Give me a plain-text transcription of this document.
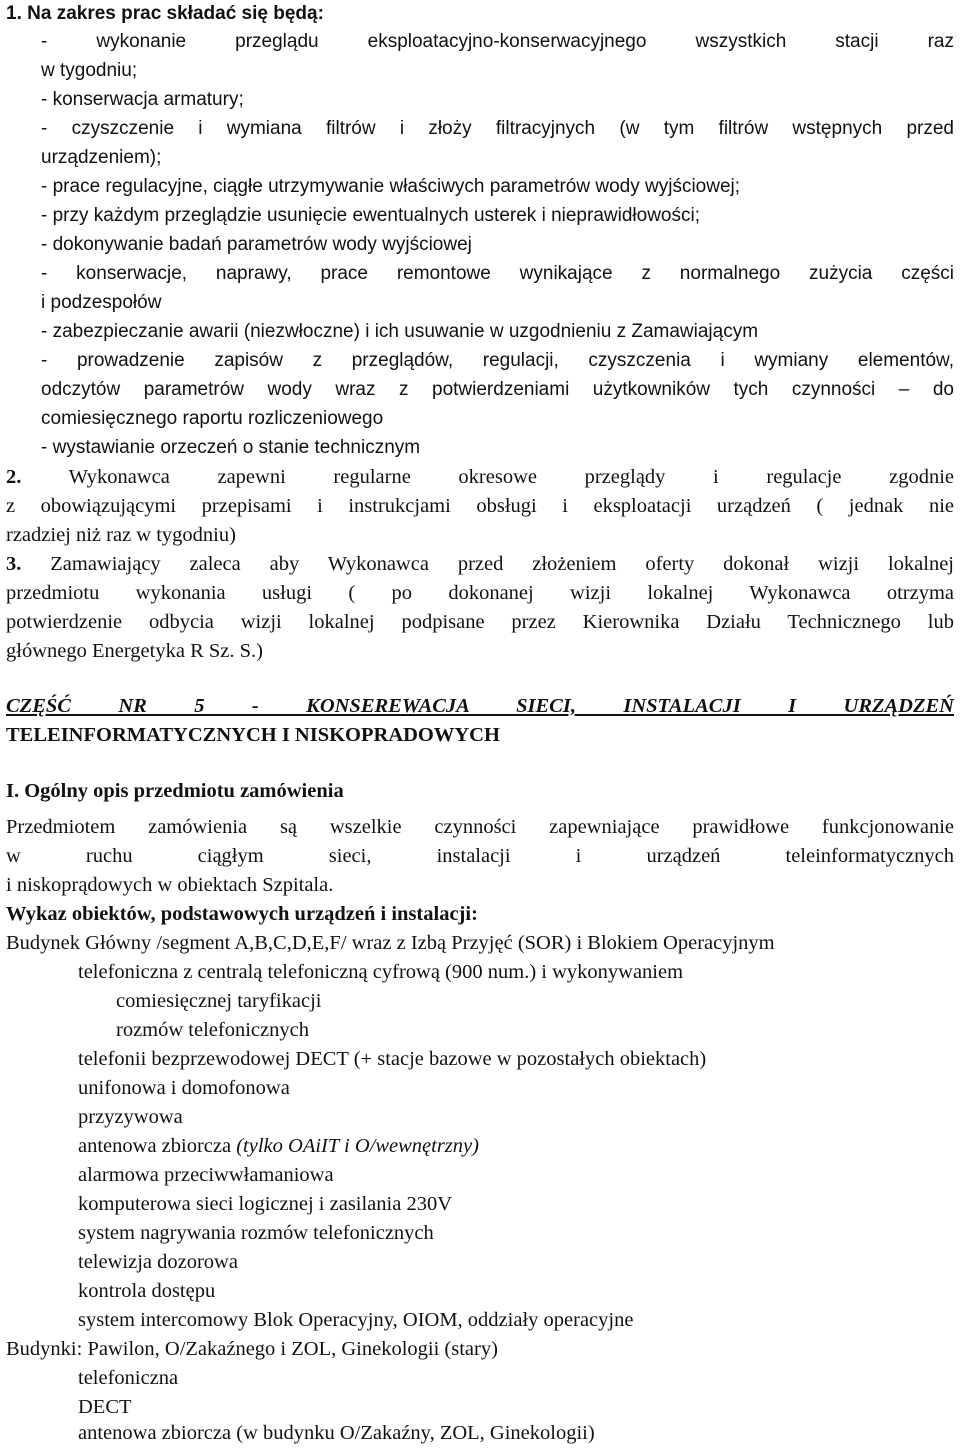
1. Na zakres prac składać się będą:
- wykonanie przeglądu eksploatacyjno-konserwacyjnego wszystkich stacji raz
w tygodniu;
- konserwacja armatury;
- czyszczenie i wymiana filtrów i złoży filtracyjnych (w tym filtrów wstępnych przed
urządzeniem);
- prace regulacyjne, ciągłe utrzymywanie właściwych parametrów wody wyjściowej;
- przy każdym przeglądzie usunięcie ewentualnych usterek i nieprawidłowości;
- dokonywanie badań parametrów wody wyjściowej
- konserwacje, naprawy, prace remontowe wynikające z normalnego zużycia części
i podzespołów
- zabezpieczanie awarii (niezwłoczne) i ich usuwanie w uzgodnieniu z Zamawiającym
- prowadzenie zapisów z przeglądów, regulacji, czyszczenia i wymiany elementów,
odczytów parametrów wody wraz z potwierdzeniami użytkowników tych czynności – do
comiesięcznego raportu rozliczeniowego
- wystawianie orzeczeń o stanie technicznym
2. Wykonawca zapewni regularne okresowe przeglądy i regulacje zgodnie
z obowiązującymi przepisami i instrukcjami obsługi i eksploatacji urządzeń ( jednak nie
rzadziej niż raz w tygodniu)
3. Zamawiający zaleca aby Wykonawca przed złożeniem oferty dokonał wizji lokalnej
przedmiotu wykonania usługi ( po dokonanej wizji lokalnej Wykonawca otrzyma
potwierdzenie odbycia wizji lokalnej podpisane przez Kierownika Działu Technicznego lub
głównego Energetyka R Sz. S.)
CZĘŚĆ NR 5 - KONSEREWACJA SIECI, INSTALACJI I URZĄDZEŃ
TELEINFORMATYCZNYCH I NISKOPRADOWYCH
I. Ogólny opis przedmiotu zamówienia
Przedmiotem zamówienia są wszelkie czynności zapewniające prawidłowe funkcjonowanie
w ruchu ciągłym sieci, instalacji i urządzeń teleinformatycznych
i niskoprądowych w obiektach Szpitala.
Wykaz obiektów, podstawowych urządzeń i instalacji:
Budynek Główny /segment A,B,C,D,E,F/ wraz z Izbą Przyjęć (SOR) i Blokiem Operacyjnym
telefoniczna z centralą telefoniczną cyfrową (900 num.) i wykonywaniem
comiesięcznej taryfikacji
rozmów telefonicznych
telefonii bezprzewodowej DECT (+ stacje bazowe w pozostałych obiektach)
unifonowa i domofonowa
przyzywowa
antenowa zbiorcza (tylko OAiIT i O/wewnętrzny)
alarmowa przeciwwłamaniowa
komputerowa sieci logicznej i zasilania 230V
system nagrywania rozmów telefonicznych
telewizja dozorowa
kontrola dostępu
system intercomowy Blok Operacyjny, OIOM, oddziały operacyjne
Budynki: Pawilon, O/Zakaźnego i ZOL, Ginekologii (stary)
telefoniczna
DECT
antenowa zbiorcza (w budynku O/Zakaźny, ZOL, Ginekologii)
